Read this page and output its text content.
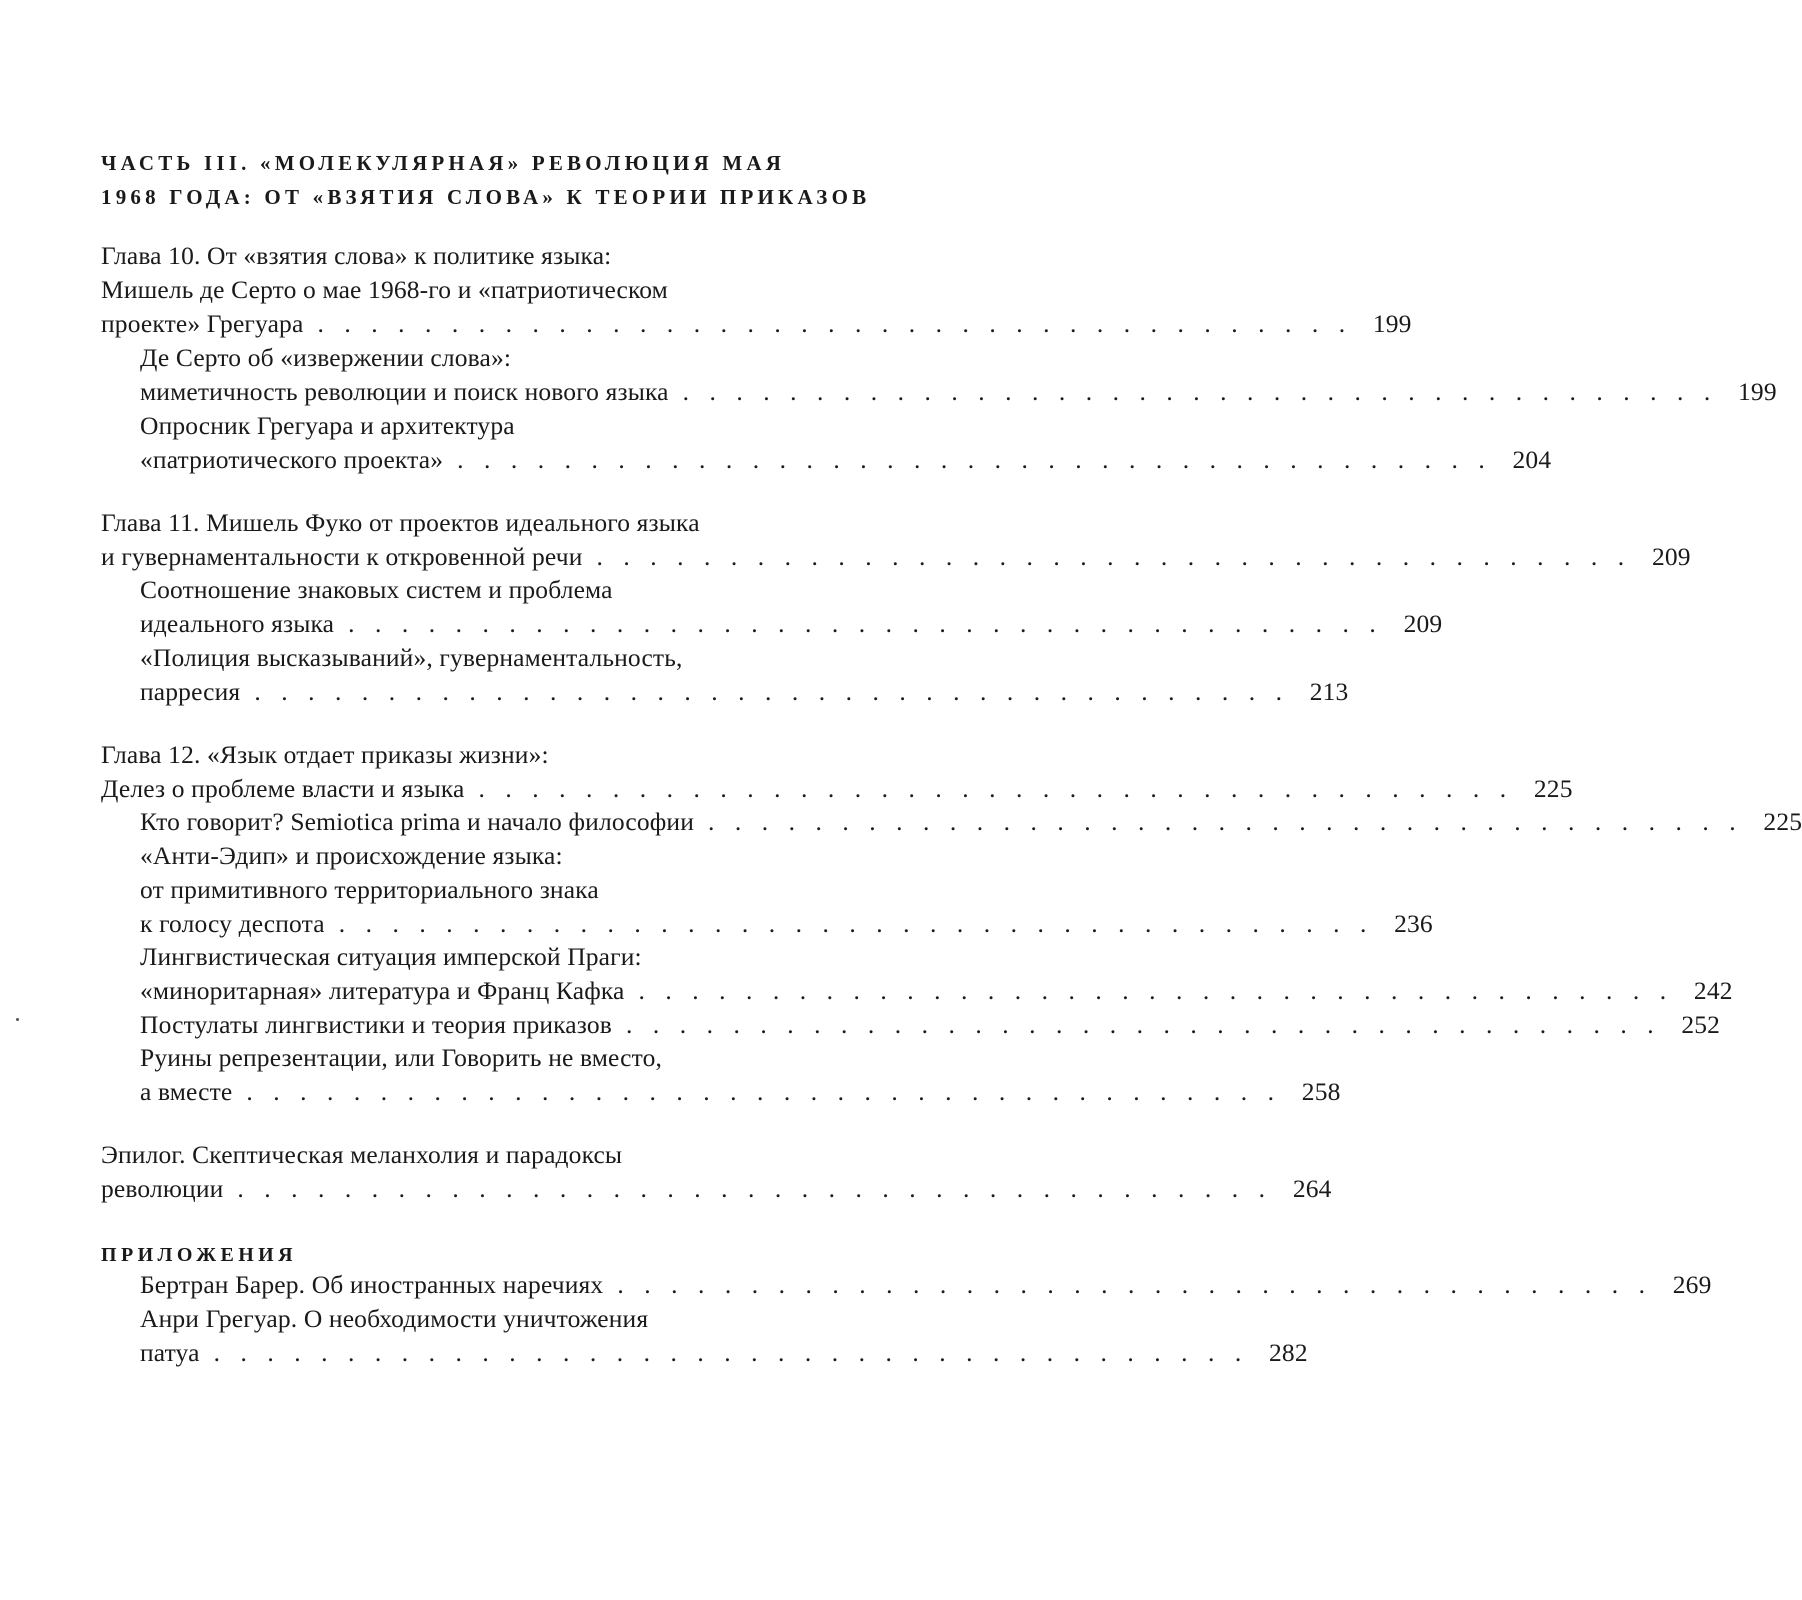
ЧАСТЬ III. «МОЛЕКУЛЯРНАЯ» РЕВОЛЮЦИЯ МАЯ
1968 ГОДА: ОТ «ВЗЯТИЯ СЛОВА» К ТЕОРИИ ПРИКАЗОВ
Глава 10. От «взятия слова» к политике языка:
Мишель де Серто о мае 1968-го и «патриотическом
проекте» Грегуара ....................................... 199
Де Серто об «извержении слова»:
миметичность революции и поиск нового языка ....................................... 199
Опросник Грегуара и архитектура
«патриотического проекта» ....................................... 204
Глава 11. Мишель Фуко от проектов идеального языка
и гувернаментальности к откровенной речи ....................................... 209
Соотношение знаковых систем и проблема
идеального языка ....................................... 209
«Полиция высказываний», гувернаментальность,
парресия ....................................... 213
Глава 12. «Язык отдает приказы жизни»:
Делез о проблеме власти и языка ....................................... 225
Кто говорит? Semiotica prima и начало философии ....................................... 225
«Анти-Эдип» и происхождение языка:
от примитивного территориального знака
к голосу деспота ....................................... 236
Лингвистическая ситуация имперской Праги:
«миноритарная» литература и Франц Кафка ....................................... 242
Постулаты лингвистики и теория приказов ....................................... 252
Руины репрезентации, или Говорить не вместо,
а вместе ....................................... 258
Эпилог. Скептическая меланхолия и парадоксы
революции ....................................... 264
ПРИЛОЖЕНИЯ
Бертран Барер. Об иностранных наречиях ....................................... 269
Анри Грегуар. О необходимости уничтожения
патуа ....................................... 282
